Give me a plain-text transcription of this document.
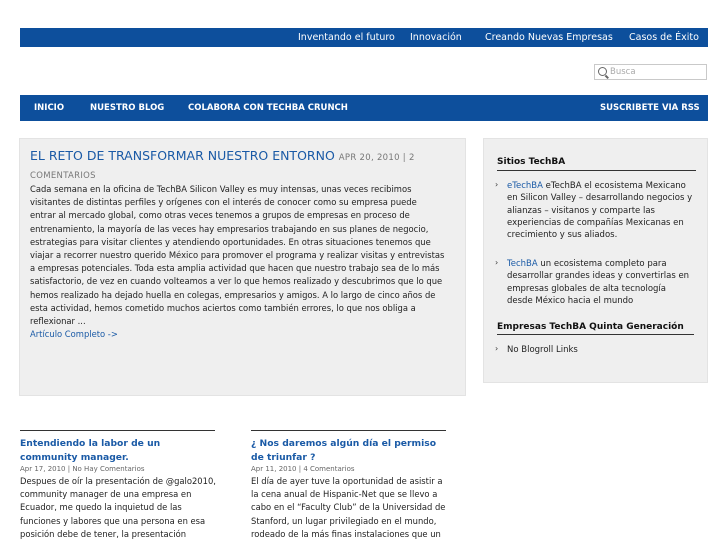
Inventando el futuro Innovación Creando Nuevas Empresas Casos de Éxito
Busca
INICIO	NUESTRO BLOG	COLABORA CON TECHBA CRUNCH	SUSCRIBETE VIA RSS
EL RETO DE TRANSFORMAR NUESTRO ENTORNO APR 20, 2010 | 2 COMENTARIOS
Cada semana en la oficina de TechBA Silicon Valley es muy intensas, unas veces recibimos visitantes de distintas perfiles y orígenes con el interés de conocer como su empresa puede entrar al mercado global, como otras veces tenemos a grupos de empresas en proceso de entrenamiento, la mayoría de las veces hay empresarios trabajando en sus planes de negocio, estrategias para visitar clientes y atendiendo oportunidades. En otras situaciones tenemos que viajar a recorrer nuestro querido México para promover el programa y realizar visitas y entrevistas a empresas potenciales. Toda esta amplia actividad que hacen que nuestro trabajo sea de lo más satisfactorio, de vez en cuando volteamos a ver lo que hemos realizado y descubrimos que lo que hemos realizado ha dejado huella en colegas, empresarios y amigos. A lo largo de cinco años de esta actividad, hemos cometido muchos aciertos como también errores, lo que nos obliga a reflexionar ...
Artículo Completo ->
Sitios TechBA
› eTechBA eTechBA el ecosistema Mexicano en Silicon Valley – desarrollando negocios y alianzas – visitanos y comparte las experiencias de compañías Mexicanas en crecimiento y sus aliados.
› TechBA un ecosistema completo para desarrollar grandes ideas y convertirlas en empresas globales de alta tecnología desde México hacia el mundo
Empresas TechBA Quinta Generación
› No Blogroll Links
Entendiendo la labor de un community manager.
Apr 17, 2010 | No Hay Comentarios
Despues de oír la presentación de @galo2010, community manager de una empresa en Ecuador, me quedo la inquietud de las funciones y labores que una persona en esa posición debe de tener, la presentación
¿ Nos daremos algún día el permiso de triunfar ?
Apr 11, 2010 | 4 Comentarios
El día de ayer tuve la oportunidad de asistir a la cena anual de Hispanic-Net que se llevo a cabo en el “Faculty Club” de la Universidad de Stanford, un lugar privilegiado en el mundo, rodeado de la más finas instalaciones que un
